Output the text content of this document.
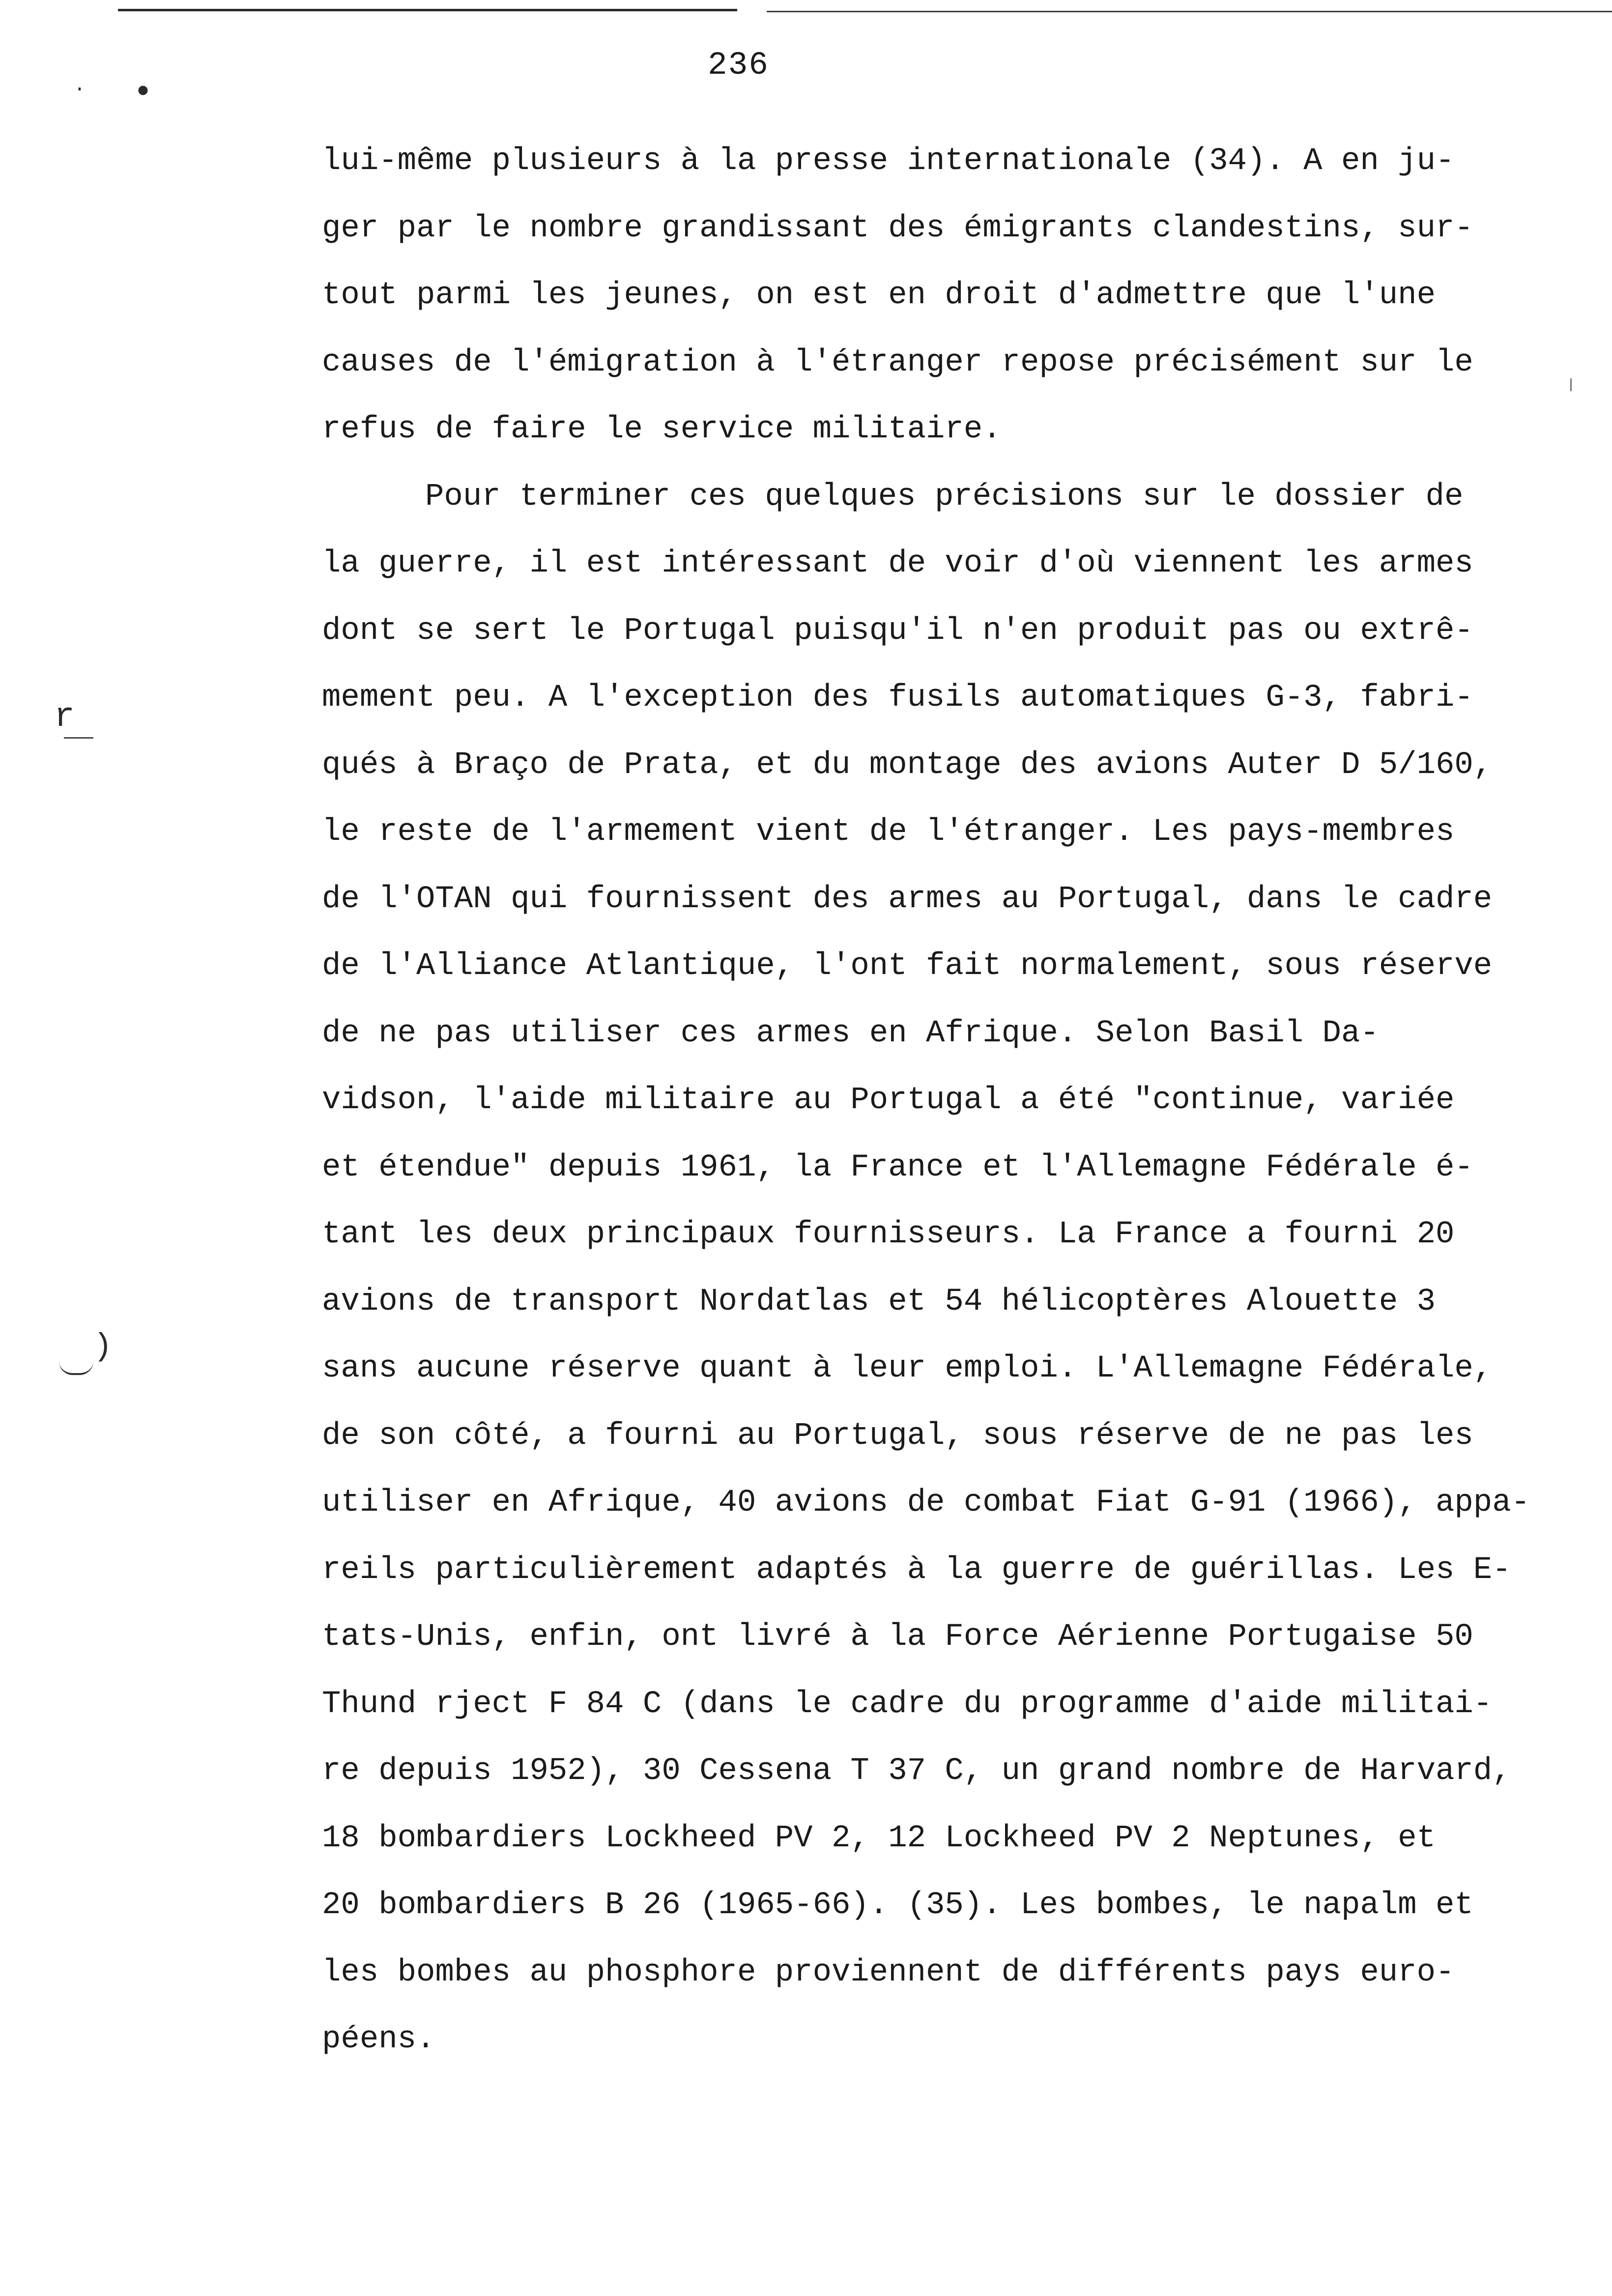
· •
r
)
236
lui-même plusieurs à la presse internationale (34). A en ju-
ger par le nombre grandissant des émigrants clandestins, sur-
tout parmi les jeunes, on est en droit d'admettre que l'une
causes de l'émigration à l'étranger repose précisément sur le
refus de faire le service militaire.
Pour terminer ces quelques précisions sur le dossier de
la guerre, il est intéressant de voir d'où viennent les armes
dont se sert le Portugal puisqu'il n'en produit pas ou extrê-
mement peu. A l'exception des fusils automatiques G-3, fabri-
qués à Braço de Prata, et du montage des avions Auter D 5/160,
le reste de l'armement vient de l'étranger. Les pays-membres
de l'OTAN qui fournissent des armes au Portugal, dans le cadre
de l'Alliance Atlantique, l'ont fait normalement, sous réserve
de ne pas utiliser ces armes en Afrique. Selon Basil Da-
vidson, l'aide militaire au Portugal a été "continue, variée
et étendue" depuis 1961, la France et l'Allemagne Fédérale é-
tant les deux principaux fournisseurs. La France a fourni 20
avions de transport Nordatlas et 54 hélicoptères Alouette 3
sans aucune réserve quant à leur emploi. L'Allemagne Fédérale,
de son côté, a fourni au Portugal, sous réserve de ne pas les
utiliser en Afrique, 40 avions de combat Fiat G-91 (1966), appa-
reils particulièrement adaptés à la guerre de guérillas. Les E-
tats-Unis, enfin, ont livré à la Force Aérienne Portugaise 50
Thund rject F 84 C (dans le cadre du programme d'aide militai-
re depuis 1952), 30 Cessena T 37 C, un grand nombre de Harvard,
18 bombardiers Lockheed PV 2, 12 Lockheed PV 2 Neptunes, et
20 bombardiers B 26 (1965-66). (35). Les bombes, le napalm et
les bombes au phosphore proviennent de différents pays euro-
péens.
